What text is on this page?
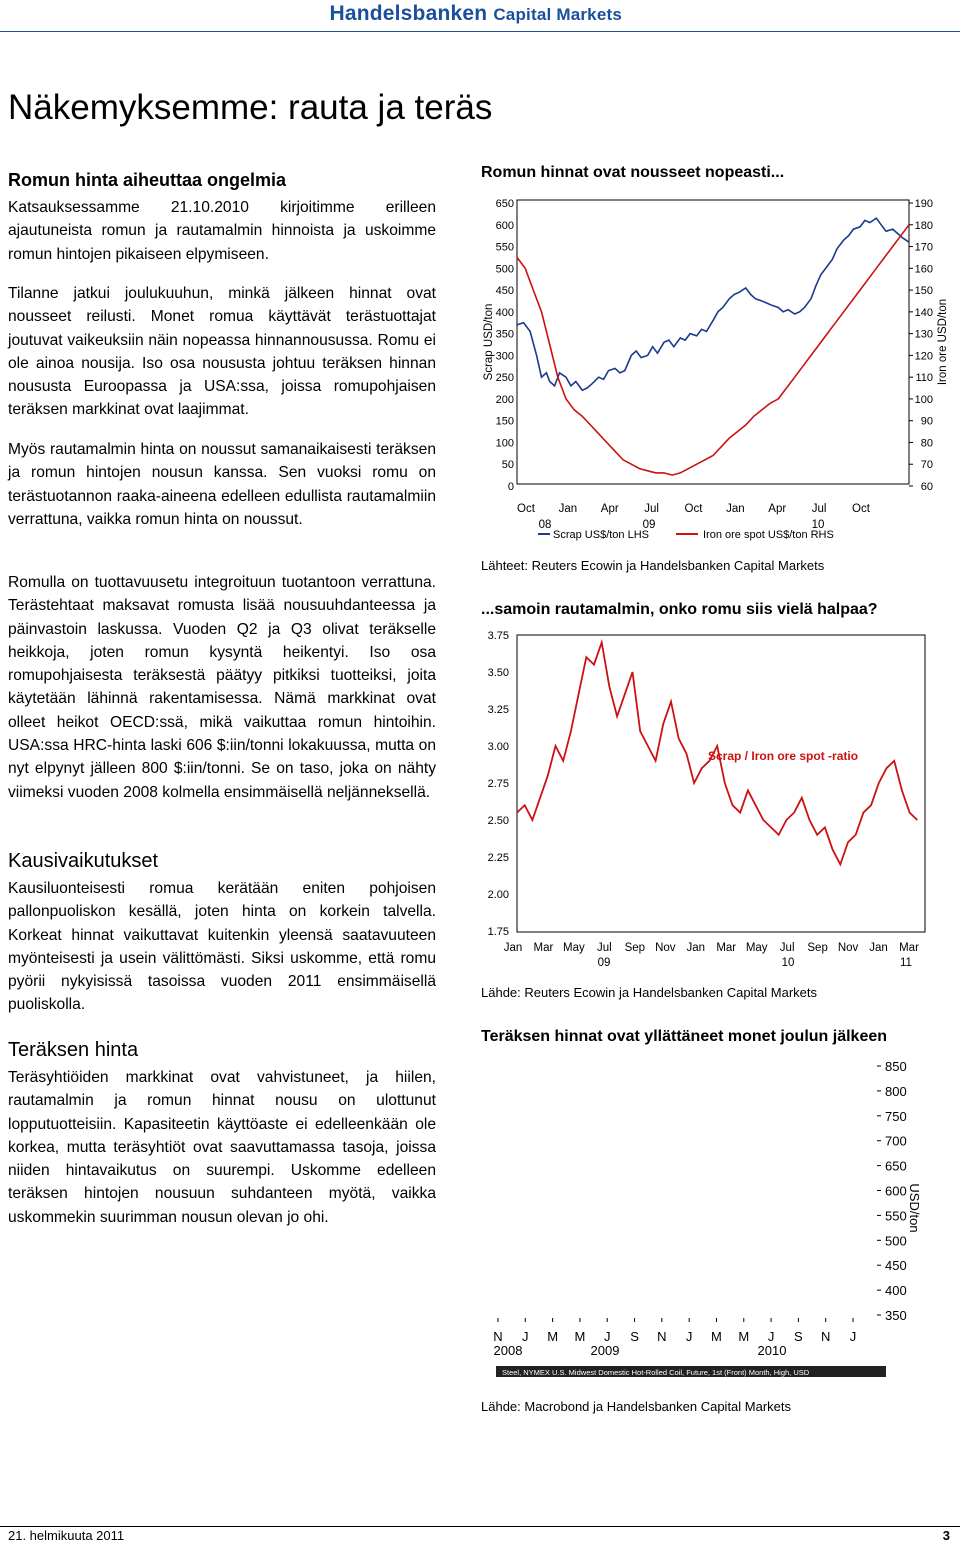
Handelsbanken Capital Markets
Näkemyksemme: rauta ja teräs
Romun hinta aiheuttaa ongelmia
Katsauksessamme 21.10.2010 kirjoitimme erilleen ajautuneista romun ja rautamalmin hinnoista ja uskoimme romun hintojen pikaiseen elpymiseen.
Tilanne jatkui joulukuuhun, minkä jälkeen hinnat ovat nousseet reilusti. Monet romua käyttävät terästuottajat joutuvat vaikeuksiin näin nopeassa hinnannousussa. Romu ei ole ainoa nousija. Iso osa noususta johtuu teräksen hinnan noususta Euroopassa ja USA:ssa, joissa romupohjaisen teräksen markkinat ovat laajimmat.
Myös rautamalmin hinta on noussut samanaikaisesti teräksen ja romun hintojen nousun kanssa. Sen vuoksi romu on terästuotannon raaka-aineena edelleen edullista rautamalmiin verrattuna, vaikka romun hinta on noussut.
Romulla on tuottavuusetu integroituun tuotantoon verrattuna. Terästehtaat maksavat romusta lisää nousuuhdanteessa ja päinvastoin laskussa. Vuoden Q2 ja Q3 olivat teräkselle heikkoja, joten romun kysyntä heikentyi. Iso osa romupohjaisesta teräksestä päätyy pitkiksi tuotteiksi, joita käytetään lähinnä rakentamisessa. Nämä markkinat ovat olleet heikot OECD:ssä, mikä vaikuttaa romun hintoihin. USA:ssa HRC-hinta laski 606 $:iin/tonni lokakuussa, mutta on nyt elpynyt jälleen 800 $:iin/tonni. Se on taso, joka on nähty viimeksi vuoden 2008 kolmella ensimmäisellä neljänneksellä.
Kausivaikutukset
Kausiluonteisesti romua kerätään eniten pohjoisen pallonpuoliskon kesällä, joten hinta on korkein talvella. Korkeat hinnat vaikuttavat kuitenkin yleensä saatavuuteen myönteisesti ja usein välittömästi. Siksi uskomme, että romu pyörii nykyisissä tasoissa vuoden 2011 ensimmäisellä puoliskolla.
Teräksen hinta
Teräsyhtiöiden markkinat ovat vahvistuneet, ja hiilen, rautamalmin ja romun hinnat nousu on ulottunut lopputuotteisiin. Kapasiteetin käyttöaste ei edelleenkään ole korkea, mutta teräsyhtiöt ovat saavuttamassa tasoja, joissa niiden hintavaikutus on suurempi. Uskomme edelleen teräksen hintojen nousuun suhdanteen myötä, vaikka uskommekin suurimman nousun olevan jo ohi.
Romun hinnat ovat nousseet nopeasti...
650
600
550
500
450
400
350
300
250
200
150
100
50
0
190
180
170
160
150
140
130
120
110
100
90
80
70
60
Oct Jan Apr Jul Oct Jan Apr Jul Oct
08	09	10
Scrap USD/ton	Iron ore USD/ton
Scrap US$/ton LHS	Iron ore spot US$/ton RHS
Lähteet: Reuters Ecowin ja Handelsbanken Capital Markets
...samoin rautamalmin, onko romu siis vielä halpaa?
3.75
3.50
3.25
3.00
2.75
2.50
2.25
2.00
1.75
Jan Mar May Jul Sep Nov Jan Mar May Jul Sep Nov Jan Mar
09	10	11
Scrap / Iron ore spot -ratio
Lähde: Reuters Ecowin ja Handelsbanken Capital Markets
Teräksen hinnat ovat yllättäneet monet joulun jälkeen
850
800
750
700
650
600
550
500
450
400
350
N J M M J S N J M M J S N J
2008	2009	2010
USD/ton
Steel, NYMEX U.S. Midwest Domestic Hot-Rolled Coil, Future, 1st (Front) Month, High, USD
Lähde: Macrobond ja Handelsbanken Capital Markets
21. helmikuuta 2011	3
